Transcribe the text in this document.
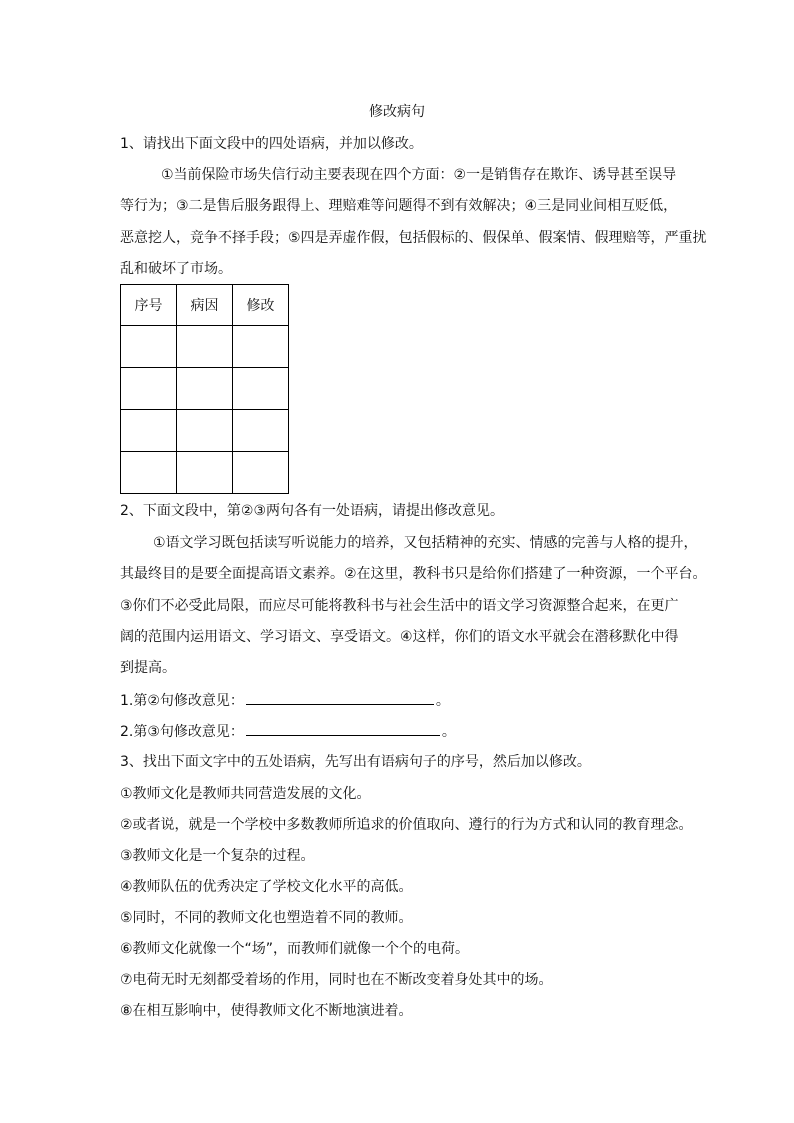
修改病句
1、请找出下面文段中的四处语病，并加以修改。
①当前保险市场失信行动主要表现在四个方面：②一是销售存在欺诈、诱导甚至误导
等行为；③二是售后服务跟得上、理赔难等问题得不到有效解决；④三是同业间相互贬低，
恶意挖人，竞争不择手段；⑤四是弄虚作假，包括假标的、假保单、假案情、假理赔等，严重扰
乱和破坏了市场。
序号	病因	修改

2、下面文段中，第②③两句各有一处语病，请提出修改意见。
①语文学习既包括读写听说能力的培养，又包括精神的充实、情感的完善与人格的提升，
其最终目的是要全面提高语文素养。②在这里，教科书只是给你们搭建了一种资源，一个平台。
③你们不必受此局限，而应尽可能将教科书与社会生活中的语文学习资源整合起来，在更广
阔的范围内运用语文、学习语文、享受语文。④这样，你们的语文水平就会在潜移默化中得
到提高。
1.第②句修改意见：	。
2.第③句修改意见：	。
3、找出下面文字中的五处语病，先写出有语病句子的序号，然后加以修改。
①教师文化是教师共同营造发展的文化。
②或者说，就是一个学校中多数教师所追求的价值取向、遵行的行为方式和认同的教育理念。
③教师文化是一个复杂的过程。
④教师队伍的优秀决定了学校文化水平的高低。
⑤同时，不同的教师文化也塑造着不同的教师。
⑥教师文化就像一个“场”，而教师们就像一个个的电荷。
⑦电荷无时无刻都受着场的作用，同时也在不断改变着身处其中的场。
⑧在相互影响中，使得教师文化不断地演进着。
